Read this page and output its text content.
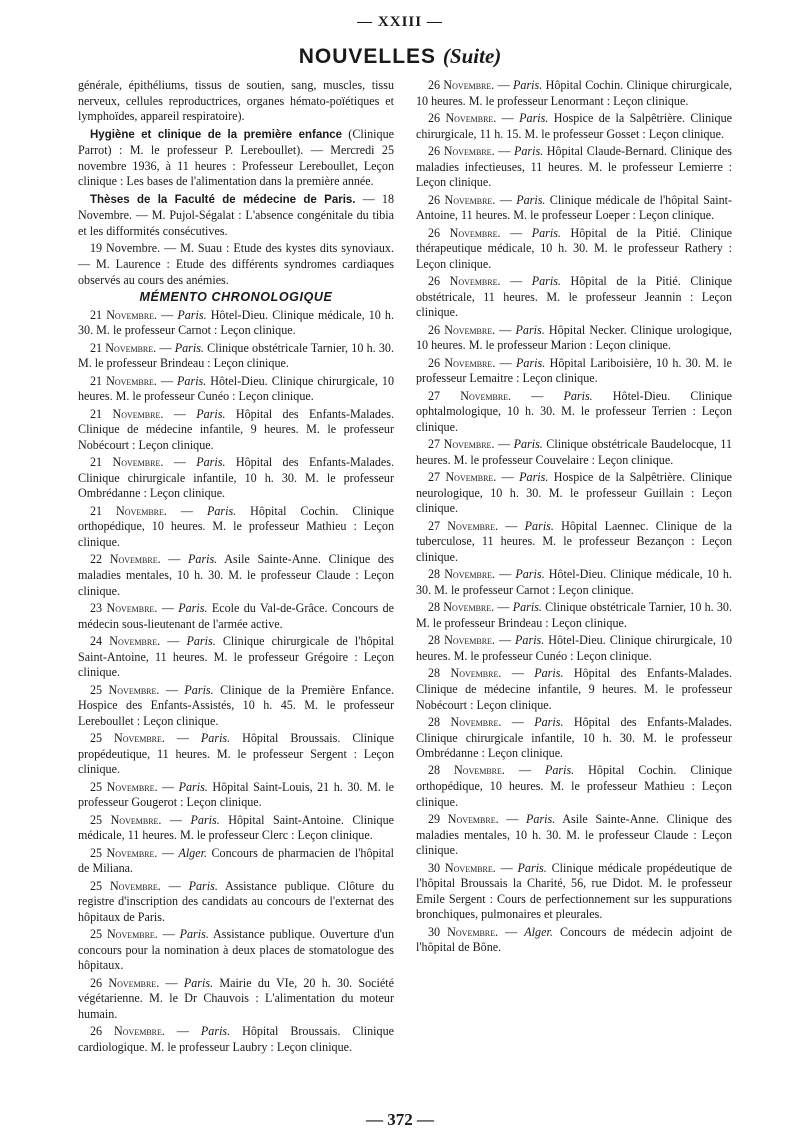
— XXIII —
NOUVELLES (Suite)

générale, épithéliums, tissus de soutien, sang, muscles, tissu nerveux, cellules reproductrices, organes hémato-poïétiques et lymphoïdes, appareil respiratoire).

Hygiène et clinique de la première enfance (Clinique Parrot) : M. le professeur P. Lereboullet). — Mercredi 25 novembre 1936, à 11 heures : Professeur Lereboullet, Leçon clinique : Les bases de l'alimentation dans la première année.

Thèses de la Faculté de médecine de Paris. — 18 Novembre. — M. Pujol-Ségalat : L'absence congénitale du tibia et les difformités consécutives.

19 Novembre. — M. Suau : Etude des kystes dits synoviaux. — M. Laurence : Etude des différents syndromes cardiaques observés au cours des anémies.

MÉMENTO CHRONOLOGIQUE

21 Novembre. — Paris. Hôtel-Dieu. Clinique médicale, 10 h. 30. M. le professeur Carnot : Leçon clinique.

21 Novembre. — Paris. Clinique obstétricale Tarnier, 10 h. 30. M. le professeur Brindeau : Leçon clinique.

21 Novembre. — Paris. Hôtel-Dieu. Clinique chirurgicale, 10 heures. M. le professeur Cunéo : Leçon clinique.

21 Novembre. — Paris. Hôpital des Enfants-Malades. Clinique de médecine infantile, 9 heures. M. le professeur Nobécourt : Leçon clinique.

21 Novembre. — Paris. Hôpital des Enfants-Malades. Clinique chirurgicale infantile, 10 h. 30. M. le professeur Ombrédanne : Leçon clinique.

21 Novembre. — Paris. Hôpital Cochin. Clinique orthopédique, 10 heures. M. le professeur Mathieu : Leçon clinique.

22 Novembre. — Paris. Asile Sainte-Anne. Clinique des maladies mentales, 10 h. 30. M. le professeur Claude : Leçon clinique.

23 Novembre. — Paris. Ecole du Val-de-Grâce. Concours de médecin sous-lieutenant de l'armée active.

24 Novembre. — Paris. Clinique chirurgicale de l'hôpital Saint-Antoine, 11 heures. M. le professeur Grégoire : Leçon clinique.

25 Novembre. — Paris. Clinique de la Première Enfance. Hospice des Enfants-Assistés, 10 h. 45. M. le professeur Lereboullet : Leçon clinique.

25 Novembre. — Paris. Hôpital Broussais. Clinique propédeutique, 11 heures. M. le professeur Sergent : Leçon clinique.

25 Novembre. — Paris. Hôpital Saint-Louis, 21 h. 30. M. le professeur Gougerot : Leçon clinique.

25 Novembre. — Paris. Hôpital Saint-Antoine. Clinique médicale, 11 heures. M. le professeur Clerc : Leçon clinique.

25 Novembre. — Alger. Concours de pharmacien de l'hôpital de Miliana.

25 Novembre. — Paris. Assistance publique. Clôture du registre d'inscription des candidats au concours de l'externat des hôpitaux de Paris.

25 Novembre. — Paris. Assistance publique. Ouverture d'un concours pour la nomination à deux places de stomatologue des hôpitaux.

26 Novembre. — Paris. Mairie du VIe, 20 h. 30. Société végétarienne. M. le Dr Chauvois : L'alimentation du moteur humain.

26 Novembre. — Paris. Hôpital Broussais. Clinique cardiologique. M. le professeur Laubry : Leçon clinique.

26 Novembre. — Paris. Hôpital Cochin. Clinique chirurgicale, 10 heures. M. le professeur Lenormant : Leçon clinique.

26 Novembre. — Paris. Hospice de la Salpêtrière. Clinique chirurgicale, 11 h. 15. M. le professeur Gosset : Leçon clinique.

26 Novembre. — Paris. Hôpital Claude-Bernard. Clinique des maladies infectieuses, 11 heures. M. le professeur Lemierre : Leçon clinique.

26 Novembre. — Paris. Clinique médicale de l'hôpital Saint-Antoine, 11 heures. M. le professeur Loeper : Leçon clinique.

26 Novembre. — Paris. Hôpital de la Pitié. Clinique thérapeutique médicale, 10 h. 30. M. le professeur Rathery : Leçon clinique.

26 Novembre. — Paris. Hôpital de la Pitié. Clinique obstétricale, 11 heures. M. le professeur Jeannin : Leçon clinique.

26 Novembre. — Paris. Hôpital Necker. Clinique urologique, 10 heures. M. le professeur Marion : Leçon clinique.

26 Novembre. — Paris. Hôpital Lariboisière, 10 h. 30. M. le professeur Lemaitre : Leçon clinique.

27 Novembre. — Paris. Hôtel-Dieu. Clinique ophtalmologique, 10 h. 30. M. le professeur Terrien : Leçon clinique.

27 Novembre. — Paris. Clinique obstétricale Baudelocque, 11 heures. M. le professeur Couvelaire : Leçon clinique.

27 Novembre. — Paris. Hospice de la Salpêtrière. Clinique neurologique, 10 h. 30. M. le professeur Guillain : Leçon clinique.

27 Novembre. — Paris. Hôpital Laennec. Clinique de la tuberculose, 11 heures. M. le professeur Bezançon : Leçon clinique.

28 Novembre. — Paris. Hôtel-Dieu. Clinique médicale, 10 h. 30. M. le professeur Carnot : Leçon clinique.

28 Novembre. — Paris. Clinique obstétricale Tarnier, 10 h. 30. M. le professeur Brindeau : Leçon clinique.

28 Novembre. — Paris. Hôtel-Dieu. Clinique chirurgicale, 10 heures. M. le professeur Cunéo : Leçon clinique.

28 Novembre. — Paris. Hôpital des Enfants-Malades. Clinique de médecine infantile, 9 heures. M. le professeur Nobécourt : Leçon clinique.

28 Novembre. — Paris. Hôpital des Enfants-Malades. Clinique chirurgicale infantile, 10 h. 30. M. le professeur Ombrédanne : Leçon clinique.

28 Novembre. — Paris. Hôpital Cochin. Clinique orthopédique, 10 heures. M. le professeur Mathieu : Leçon clinique.

29 Novembre. — Paris. Asile Sainte-Anne. Clinique des maladies mentales, 10 h. 30. M. le professeur Claude : Leçon clinique.

30 Novembre. — Paris. Clinique médicale propédeutique de l'hôpital Broussais la Charité, 56, rue Didot. M. le professeur Emile Sergent : Cours de perfectionnement sur les suppurations bronchiques, pulmonaires et pleurales.

30 Novembre. — Alger. Concours de médecin adjoint de l'hôpital de Bône.

— 372 —
